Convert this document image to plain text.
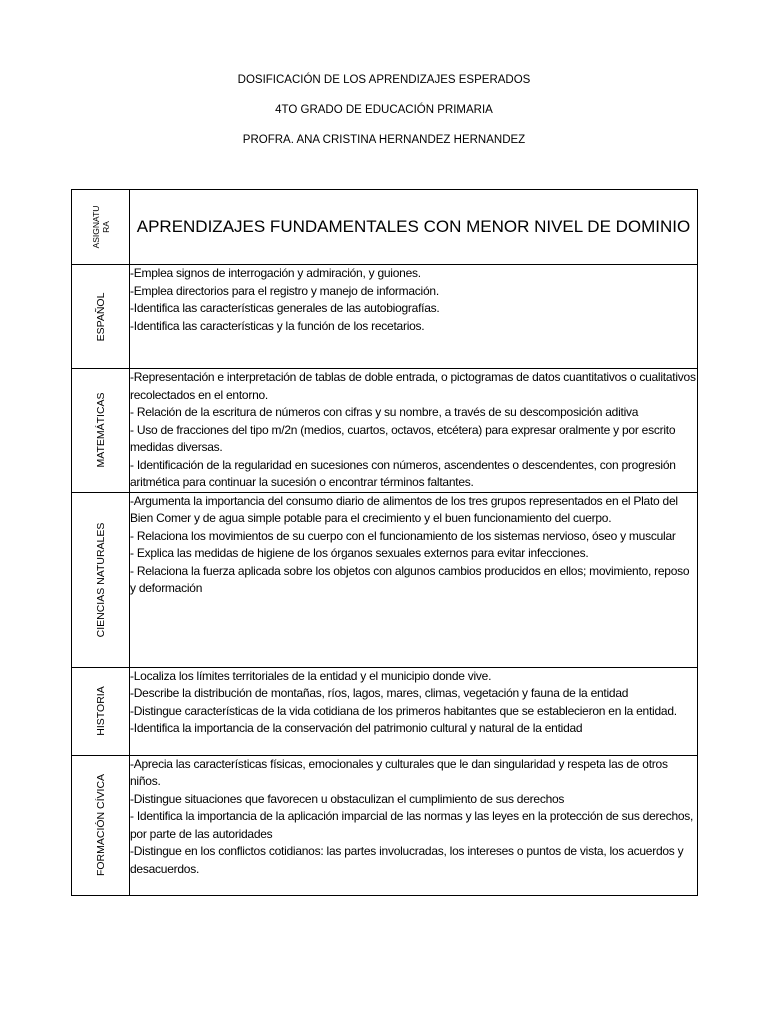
DOSIFICACIÓN DE LOS APRENDIZAJES ESPERADOS
4TO GRADO DE EDUCACIÓN PRIMARIA
PROFRA. ANA CRISTINA HERNANDEZ HERNANDEZ
ASIGNATU RA	APRENDIZAJES FUNDAMENTALES CON MENOR NIVEL DE DOMINIO

ESPAÑOL	-Emplea signos de interrogación y admiración, y guiones.
-Emplea directorios para el registro y manejo de información.
-Identifica las características generales de las autobiografías.
-Identifica las características y la función de los recetarios.

MATEMÁTICAS	-Representación e interpretación de tablas de doble entrada, o pictogramas de datos cuantitativos o cualitativos recolectados en el entorno.
- Relación de la escritura de números con cifras y su nombre, a través de su descomposición aditiva
- Uso de fracciones del tipo m/2n (medios, cuartos, octavos, etcétera) para expresar oralmente y por escrito medidas diversas.
- Identificación de la regularidad en sucesiones con números, ascendentes o descendentes, con progresión aritmética para continuar la sucesión o encontrar términos faltantes.

CIENCIAS NATURALES	-Argumenta la importancia del consumo diario de alimentos de los tres grupos representados en el Plato del Bien Comer y de agua simple potable para el crecimiento y el buen funcionamiento del cuerpo.
- Relaciona los movimientos de su cuerpo con el funcionamiento de los sistemas nervioso, óseo y muscular
- Explica las medidas de higiene de los órganos sexuales externos para evitar infecciones.
- Relaciona la fuerza aplicada sobre los objetos con algunos cambios producidos en ellos; movimiento, reposo y deformación

HISTORIA	-Localiza los límites territoriales de la entidad y el municipio donde vive.
-Describe la distribución de montañas, ríos, lagos, mares, climas, vegetación y fauna de la entidad
-Distingue características de la vida cotidiana de los primeros habitantes que se establecieron en la entidad.
-Identifica la importancia de la conservación del patrimonio cultural y natural de la entidad

FORMACIÓN CÍVICA	-Aprecia las características físicas, emocionales y culturales que le dan singularidad y respeta las de otros niños.
-Distingue situaciones que favorecen u obstaculizan el cumplimiento de sus derechos
- Identifica la importancia de la aplicación imparcial de las normas y las leyes en la protección de sus derechos, por parte de las autoridades
-Distingue en los conflictos cotidianos: las partes involucradas, los intereses o puntos de vista, los acuerdos y desacuerdos.
